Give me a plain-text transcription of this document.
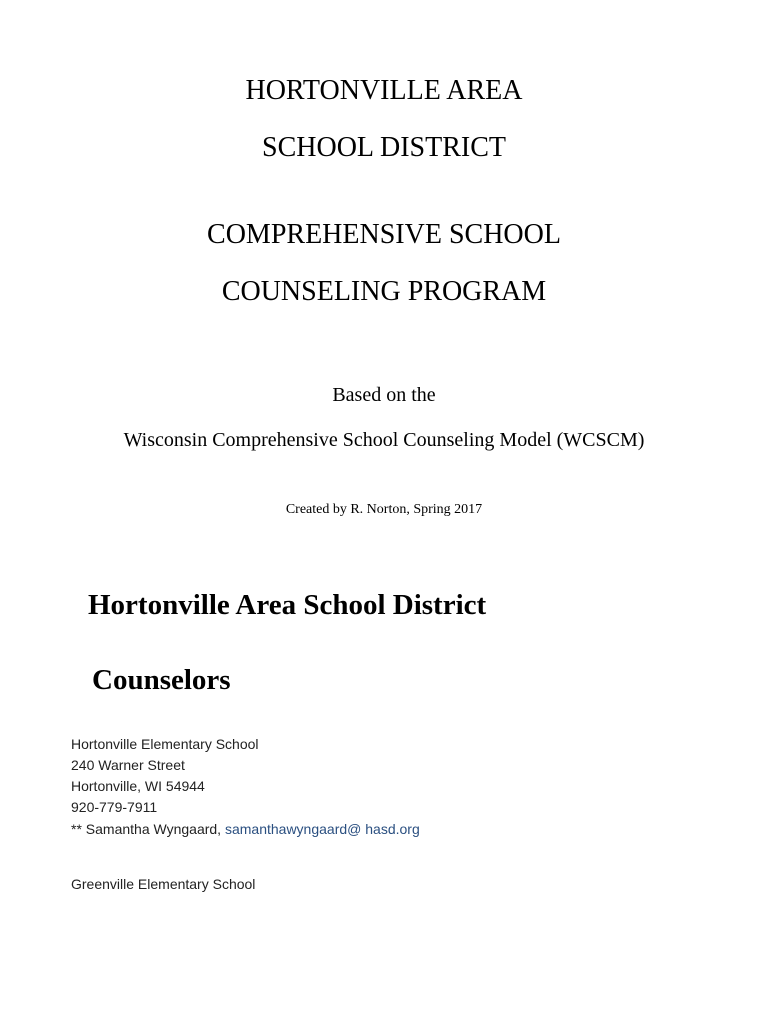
HORTONVILLE AREA
SCHOOL DISTRICT
COMPREHENSIVE SCHOOL
COUNSELING PROGRAM
Based on the
Wisconsin Comprehensive School Counseling Model (WCSCM)
Created by R. Norton, Spring 2017
Hortonville Area School District
Counselors
Hortonville Elementary School
240 Warner Street
Hortonville, WI 54944
920-779-7911
** Samantha Wyngaard, samanthawyngaard@ hasd.org
Greenville Elementary School
